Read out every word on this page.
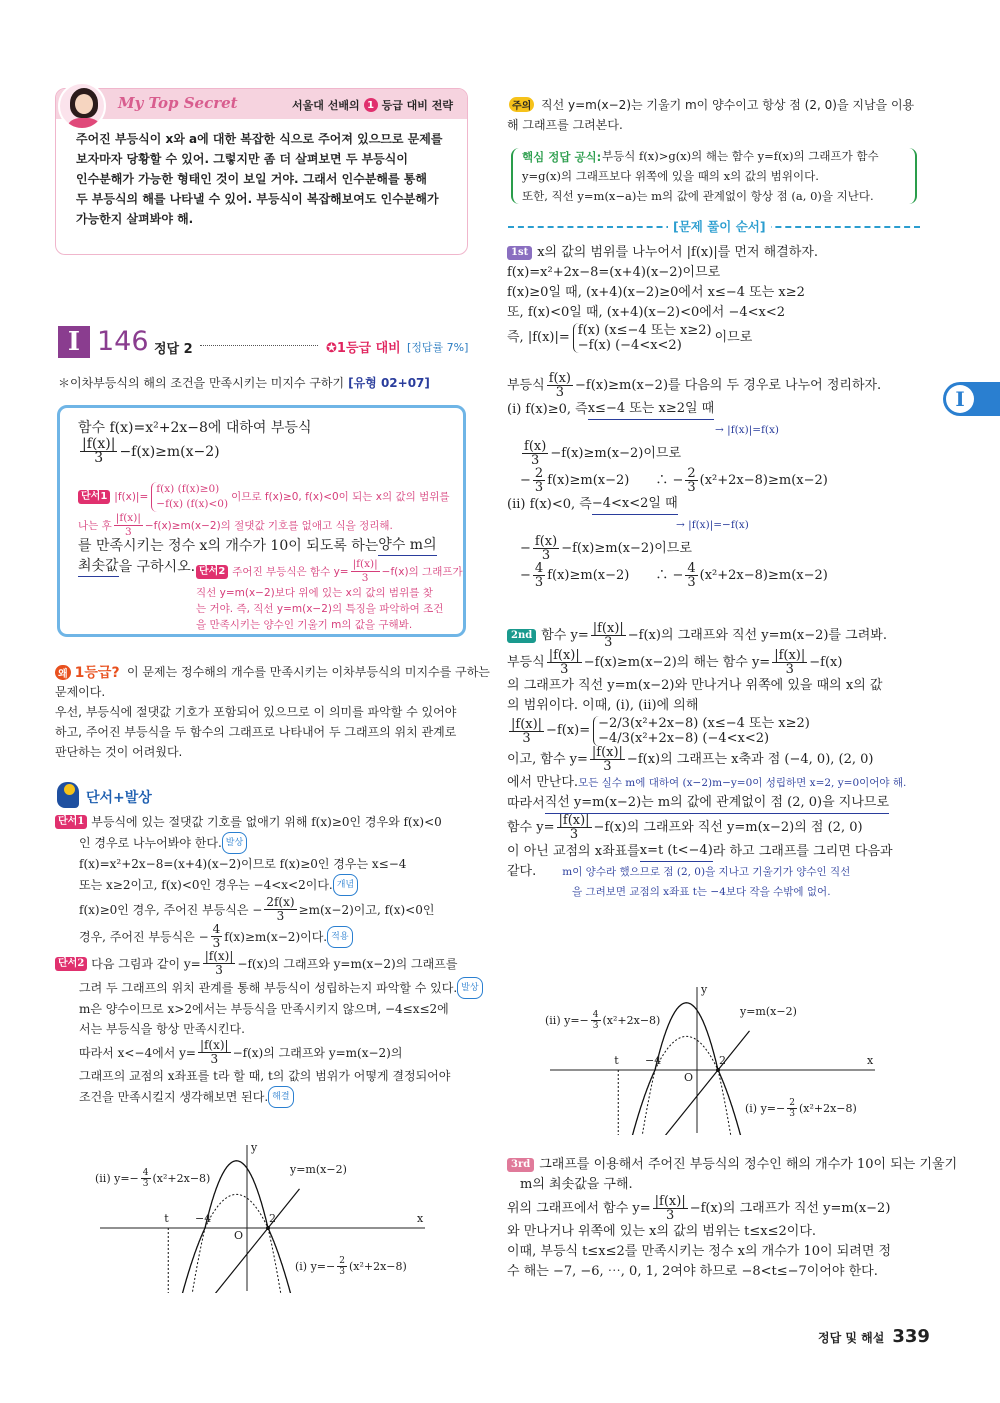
My Top Secret	서울대 선배의 1 등급 대비 전략
주어진 부등식이 x와 a에 대한 복잡한 식으로 주어져 있으므로 문제를
보자마자 당황할 수 있어. 그렇지만 좀 더 살펴보면 두 부등식이
인수분해가 가능한 형태인 것이 보일 거야. 그래서 인수분해를 통해
두 부등식의 해를 나타낼 수 있어. 부등식이 복잡해보여도 인수분해가
가능한지 살펴봐야 해.
I 146 정답 2	✪1등급 대비 [정답률 7%]
＊이차부등식의 해의 조건을 만족시키는 미지수 구하기 [유형 02+07]
함수 f(x)=x²+2x−8에 대하여 부등식
$\frac{|f(x)|}{3} -f(x)\ge m(x-2)$
단서1 |f(x)|=
f(x) (f(x)≥0)
−f(x) (f(x)<0)
이므로 f(x)≥0, f(x)<0이 되는 x의 값의 범위를
나는 후 $\frac{|f(x)|}{3} -f(x)\ge m(x-2)$의 절댓값 기호를 없애고 식을 정리해.
를 만족시키는 정수 x의 개수가 10이 되도록 하는 양수 m의
최솟값 을 구하시오. 단서2 주어진 부등식은 함수 $y= \frac{|f(x)|}{3} -f(x)$의 그래프가
직선 y=m(x−2)보다 위에 있는 x의 값의 범위를 찾
는 거야. 즉, 직선 y=m(x−2)의 특징을 파악하여 조건
을 만족시키는 양수인 기울기 m의 값을 구해봐.
왜 1등급? 이 문제는 정수해의 개수를 만족시키는 이차부등식의 미지수를 구하는
문제이다.
우선, 부등식에 절댓값 기호가 포함되어 있으므로 이 의미를 파악할 수 있어야
하고, 주어진 부등식을 두 함수의 그래프로 나타내어 두 그래프의 위치 관계로
판단하는 것이 어려웠다.
단서+발상
단서1 부등식에 있는 절댓값 기호를 없애기 위해 f(x)≥0인 경우와 f(x)<0
　　인 경우로 나누어봐야 한다. 발상
　　f(x)=x²+2x−8=(x+4)(x−2)이므로 f(x)≥0인 경우는 x≤−4
　　또는 x≥2이고, f(x)<0인 경우는 −4<x<2이다. 개념
　　f(x)≥0인 경우, 주어진 부등식은 − $\frac{2f(x)}{3} \ge m(x-2)$이고, f(x)<0인
　　경우, 주어진 부등식은 − $\frac{4}{3} f(x)\ge m(x-2)$이다. 적용
단서2 다음 그림과 같이 $y= \frac{|f(x)|}{3} -f(x)$의 그래프와 y=m(x−2)의 그래프를
　　그려 두 그래프의 위치 관계를 통해 부등식이 성립하는지 파악할 수 있다. 발상
　　m은 양수이므로 x>2에서는 부등식을 만족시키지 않으며, −4≤x≤2에
　　서는 부등식을 항상 만족시킨다.
　　따라서 x<−4에서 $y= \frac{|f(x)|}{3} -f(x)$의 그래프와 y=m(x−2)의
　　그래프의 교점의 x좌표를 t라 할 때, t의 값의 범위가 어떻게 결정되어야
　　조건을 만족시킬지 생각해보면 된다. 해결
y
x
O
t −4	2
y=m(x−2)
(ii) $y=- \frac{4}{3} (x^2+2x-8)$
(i) $y=- \frac{2}{3} (x^2+2x-8)$
직선 y=m(x−2)는 기울기 m이 양수이고 항상 점 (2, 0)을 지남을 이용
해 그래프를 그려본다.
주의
부등식 f(x)>g(x)의 해는 함수 y=f(x)의 그래프가 함수
y=g(x)의 그래프보다 위쪽에 있을 때의 x의 값의 범위이다.
또한, 직선 y=m(x−a)는 m의 값에 관계없이 항상 점 (a, 0)을 지난다.
핵심 정답 공식:
[문제 풀이 순서]
1st x의 값의 범위를 나누어서 |f(x)|를 먼저 해결하자.
f(x)=x²+2x−8=(x+4)(x−2)이므로
f(x)≥0일 때, (x+4)(x−2)≥0에서 x≤−4 또는 x≥2
또, f(x)<0일 때, (x+4)(x−2)<0에서 −4<x<2
즉, |f(x)|= f(x) (x≤−4 또는 x≥2)
−f(x) (−4<x<2)
이므로
부등식 $\frac{f(x)}{3} -f(x)\ge m(x-2)$를 다음의 두 경우로 나누어 정리하자.
(i) f(x)≥0, 즉 x≤−4 또는 x≥2일 때

→ |f(x)|=f(x)

$\frac{f(x)}{3} -f(x)\ge m(x-2)$이므로
　− $\frac{2}{3} f(x)\ge m(x-2)$　　∴ − $\frac{2}{3} (x^2+2x-8)\ge m(x-2)$
(ii) f(x)<0, 즉 −4<x<2일 때

→ |f(x)|=−f(x)
　− $\frac{f(x)}{3} -f(x)\ge m(x-2)$이므로
　− $\frac{4}{3} f(x)\ge m(x-2)$　　∴ − $\frac{4}{3} (x^2+2x-8)\ge m(x-2)$
2nd 함수 $y= \frac{|f(x)|}{3} -f(x)$의 그래프와 직선 y=m(x−2)를 그려봐.
부등식 $\frac{|f(x)|}{3} -f(x)\ge m(x-2)$의 해는 함수 $y= \frac{|f(x)|}{3} -f(x)$
의 그래프가 직선 y=m(x−2)와 만나거나 위쪽에 있을 때의 x의 값
의 범위이다. 이때, (i), (ii)에 의해
$\frac{|f(x)|}{3} -f(x)= -2/3(x^2+2x-8)$ (x≤−4 또는 x≥2)
−4/3(x²+2x−8) (−4<x<2)
이고, 함수 $y= \frac{|f(x)|}{3} -f(x)$의 그래프는 x축과 점 (−4, 0), (2, 0)
에서 만난다. 모든 실수 m에 대하여 (x−2)m−y=0이 성립하면 x=2, y=0이어야 해.
따라서 직선 y=m(x−2)는 m의 값에 관계없이 점 (2, 0)을 지나므로
함수 $y= \frac{|f(x)|}{3} -f(x)$의 그래프와 직선 y=m(x−2)의 점 (2, 0)
이 아닌 교점의 x좌표를 x=t (t<−4) 라 하고 그래프를 그리면 다음과
같다.　　 m이 양수라 했으므로 점 (2, 0)을 지나고 기울기가 양수인 직선

을 그려보면 교점의 x좌표 t는 −4보다 작을 수밖에 없어.
y
x
O
t −4	2
y=m(x−2)
(ii) $y=- \frac{4}{3} (x^2+2x-8)$
(i) $y=- \frac{2}{3} (x^2+2x-8)$
3rd 그래프를 이용해서 주어진 부등식의 정수인 해의 개수가 10이 되는 기울기
　m의 최솟값을 구해.
위의 그래프에서 함수 $y= \frac{|f(x)|}{3} -f(x)$의 그래프가 직선 y=m(x−2)
와 만나거나 위쪽에 있는 x의 값의 범위는 t≤x≤2이다.
이때, 부등식 t≤x≤2를 만족시키는 정수 x의 개수가 10이 되려면 정
수 해는 −7, −6, ⋯, 0, 1, 2여야 하므로 −8<t≤−7이어야 한다.
I
정답 및 해설 339
